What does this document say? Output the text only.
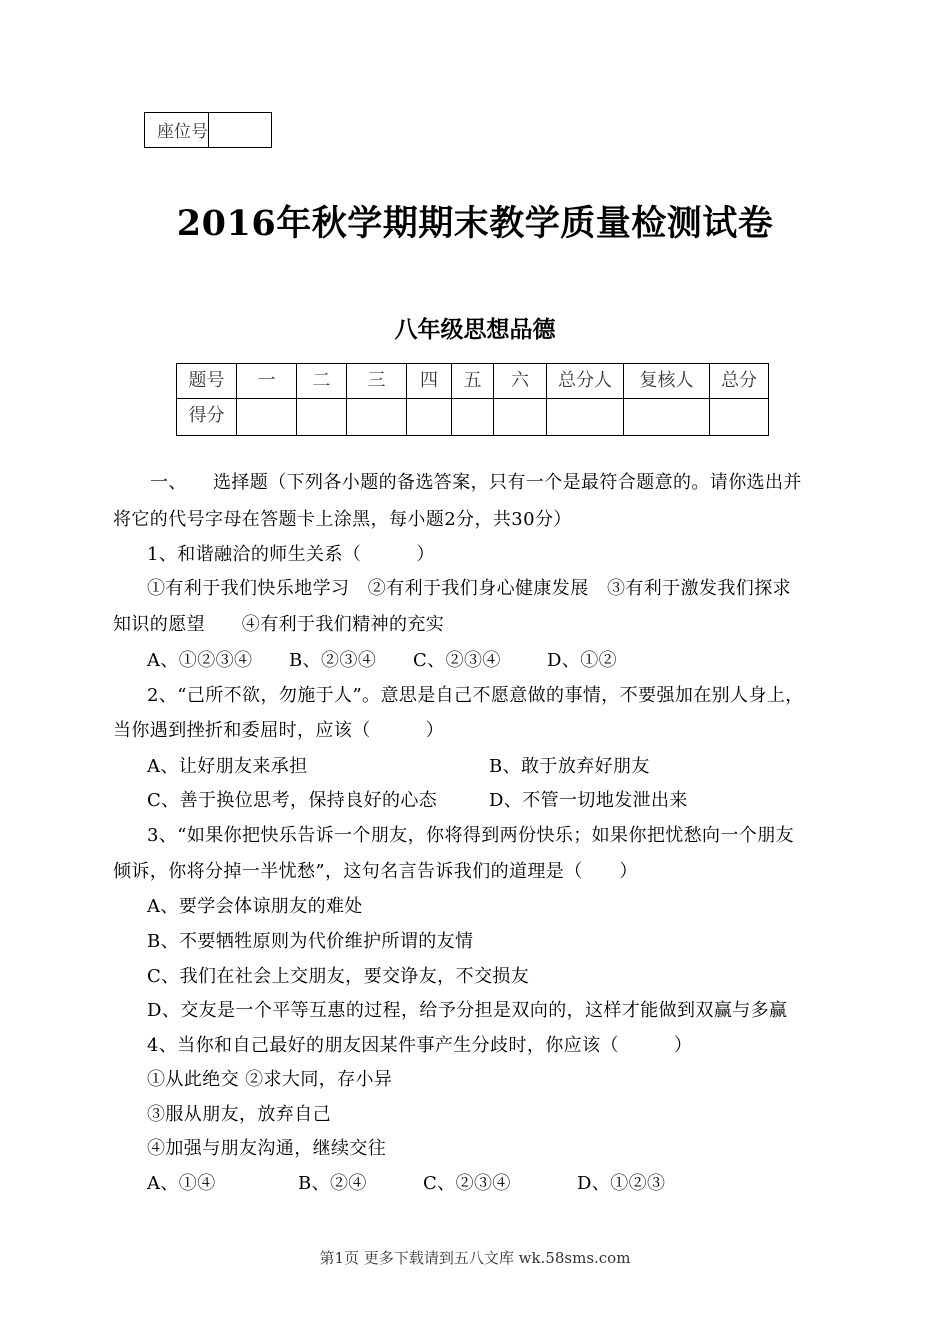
座位号	
2016年秋学期期末教学质量检测试卷
八年级思想品德
题号	一	二	三	四	五	六	总分人	复核人	总分
得分									
一、 选择题（下列各小题的备选答案，只有一个是最符合题意的。请你选出并
将它的代号字母在答题卡上涂黑，每小题2分，共30分）
1、和谐融洽的师生关系（　　　）
①有利于我们快乐地学习　②有利于我们身心健康发展　③有利于激发我们探求
知识的愿望　　④有利于我们精神的充实
A、①②③④ B、②③④ C、②③④	D、①②
2、“己所不欲，勿施于人”。意思是自己不愿意做的事情，不要强加在别人身上，
当你遇到挫折和委屈时，应该（　　　）
A、让好朋友来承担	B、敢于放弃好朋友
C、善于换位思考，保持良好的心态	D、不管一切地发泄出来
3、“如果你把快乐告诉一个朋友，你将得到两份快乐；如果你把忧愁向一个朋友
倾诉，你将分掉一半忧愁”，这句名言告诉我们的道理是（　　）
A、要学会体谅朋友的难处
B、不要牺牲原则为代价维护所谓的友情
C、我们在社会上交朋友，要交诤友，不交损友
D、交友是一个平等互惠的过程，给予分担是双向的，这样才能做到双赢与多赢
4、当你和自己最好的朋友因某件事产生分歧时，你应该（　　　）
①从此绝交 ②求大同，存小异
③服从朋友，放弃自己
④加强与朋友沟通，继续交往
A、①④	B、②④	C、②③④	D、①②③
第1页 更多下载请到五八文库 wk.58sms.com
